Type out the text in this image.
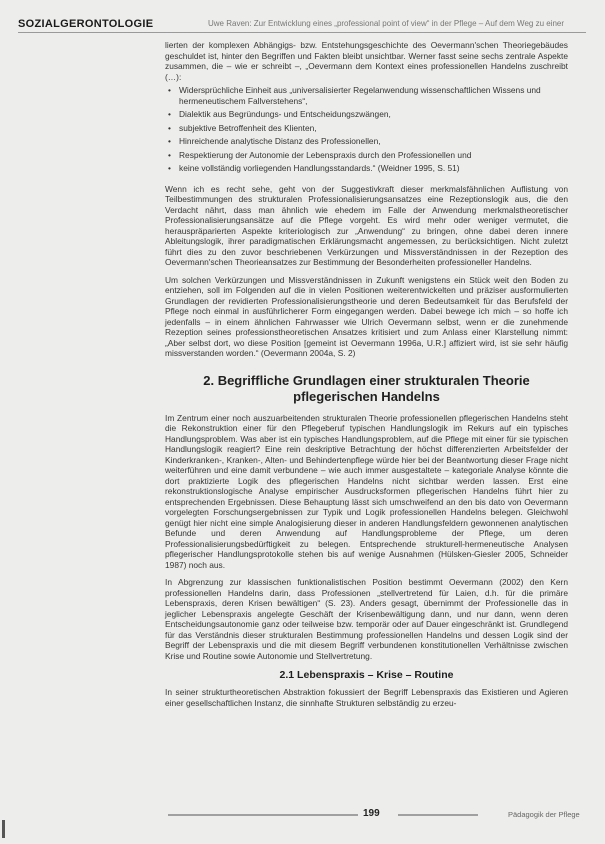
SOZIALGERONTOLOGIE	Uwe Raven: Zur Entwicklung eines „professional point of view“ in der Pflege – Auf dem Weg zu einer

lierten der komplexen Abhängigs- bzw. Entstehungsgeschichte des Oevermann'schen Theoriegebäudes geschuldet ist, hinter den Begriffen und Fakten bleibt unsichtbar. Werner fasst seine sechs zentrale Aspekte zusammen, die – wie er schreibt –, „Oevermann dem Kontext eines professionellen Handelns zuschreibt (…):

• Widersprüchliche Einheit aus „universalisierter Regelanwendung wissenschaftlichen Wissens und hermeneutischem Fallverstehens“,
• Dialektik aus Begründungs- und Entscheidungszwängen,
• subjektive Betroffenheit des Klienten,
• Hinreichende analytische Distanz des Professionellen,
• Respektierung der Autonomie der Lebenspraxis durch den Professionellen und
• keine vollständig vorliegenden Handlungsstandards.“ (Weidner 1995, S. 51)

Wenn ich es recht sehe, geht von der Suggestivkraft dieser merkmalsfähnlichen Auflistung von Teilbestimmungen des strukturalen Professionalisierungsansatzes eine Rezeptionslogik aus, die den Verdacht nährt, dass man ähnlich wie ehedem im Falle der Anwendung merkmalstheoretischer Professionalisierungsansätze auf die Pflege vorgeht. Es wird mehr oder weniger vermutet, die herauspräparierten Aspekte kriteriologisch zur „Anwendung“ zu bringen, ohne dabei deren innere Ableitungslogik, ihrer paradigmatischen Erklärungsmacht angemessen, zu berücksichtigen. Nicht zuletzt führt dies zu den zuvor beschriebenen Verkürzungen und Missverständnissen in der Rezeption des Oevermann'schen Theorieansatzes zur Bestimmung der Besonderheiten professioneller Handelns.

Um solchen Verkürzungen und Missverständnissen in Zukunft wenigstens ein Stück weit den Boden zu entziehen, soll im Folgenden auf die in vielen Positionen weiterentwickelten und präziser ausformulierten Grundlagen der revidierten Professionalisierungstheorie und deren Bedeutsamkeit für das Berufsfeld der Pflege noch einmal in ausführlicherer Form eingegangen werden. Dabei bewege ich mich – so hoffe ich jedenfalls – in einem ähnlichen Fahrwasser wie Ulrich Oevermann selbst, wenn er die zunehmende Rezeption seines professionstheoretischen Ansatzes kritisiert und zum Anlass einer Klarstellung nimmt: „Aber selbst dort, wo diese Position [gemeint ist Oevermann 1996a, U.R.] affiziert wird, ist sie sehr häufig missverstanden worden.“ (Oevermann 2004a, S. 2)

2. Begriffliche Grundlagen einer strukturalen Theorie pflegerischen Handelns

Im Zentrum einer noch auszuarbeitenden strukturalen Theorie professionellen pflegerischen Handelns steht die Rekonstruktion einer für den Pflegeberuf typischen Handlungslogik im Rekurs auf ein typisches Handlungsproblem. Was aber ist ein typisches Handlungsproblem, auf die Pflege mit einer für sie typischen Handlungslogik reagiert? Eine rein deskriptive Betrachtung der höchst differenzierten Arbeitsfelder der Kinderkranken-, Kranken-, Alten- und Behindertenpflege würde hier bei der Beantwortung dieser Frage nicht weiterführen und eine damit verbundene – wie auch immer ausgestaltete – kategoriale Analyse könnte die dort praktizierte Logik des pflegerischen Handelns nicht sichtbar werden lassen. Erst eine rekonstruktionslogische Analyse empirischer Ausdrucksformen pflegerischen Handelns führt hier zu entsprechenden Ergebnissen. Diese Behauptung lässt sich umschweifend an den bis dato von Oevermann vorgelegten Forschungsergebnissen zur Typik und Logik professionellen Handelns belegen. Gleichwohl genügt hier nicht eine simple Analogisierung dieser in anderen Handlungsfeldern gewonnenen analytischen Befunde und deren Anwendung auf Handlungsprobleme der Pflege, um deren Professionalisierungsbedürftigkeit zu belegen. Entsprechende strukturell-hermeneutische Analysen pflegerischer Handlungsprotokolle stehen bis auf wenige Ausnahmen (Hülsken-Giesler 2005, Schneider 1987) noch aus.

In Abgrenzung zur klassischen funktionalistischen Position bestimmt Oevermann (2002) den Kern professionellen Handelns darin, dass Professionen „stellvertretend für Laien, d.h. für die primäre Lebenspraxis, deren Krisen bewältigen“ (S. 23). Anders gesagt, übernimmt der Professionelle das in jeglicher Lebenspraxis angelegte Geschäft der Krisenbewältigung dann, und nur dann, wenn deren Entscheidungsautonomie ganz oder teilweise bzw. temporär oder auf Dauer eingeschränkt ist. Grundlegend für das Verständnis dieser strukturalen Bestimmung professionellen Handelns und dessen Logik sind der Begriff der Lebenspraxis und die mit diesem Begriff verbundenen konstitutionellen Verhältnisse zwischen Krise und Routine sowie Autonomie und Stellvertretung.

2.1 Lebenspraxis – Krise – Routine

In seiner strukturtheoretischen Abstraktion fokussiert der Begriff Lebenspraxis das Existieren und Agieren einer gesellschaftlichen Instanz, die sinnhafte Strukturen selbständig zu erzeu-

199	Pädagogik der Pflege
